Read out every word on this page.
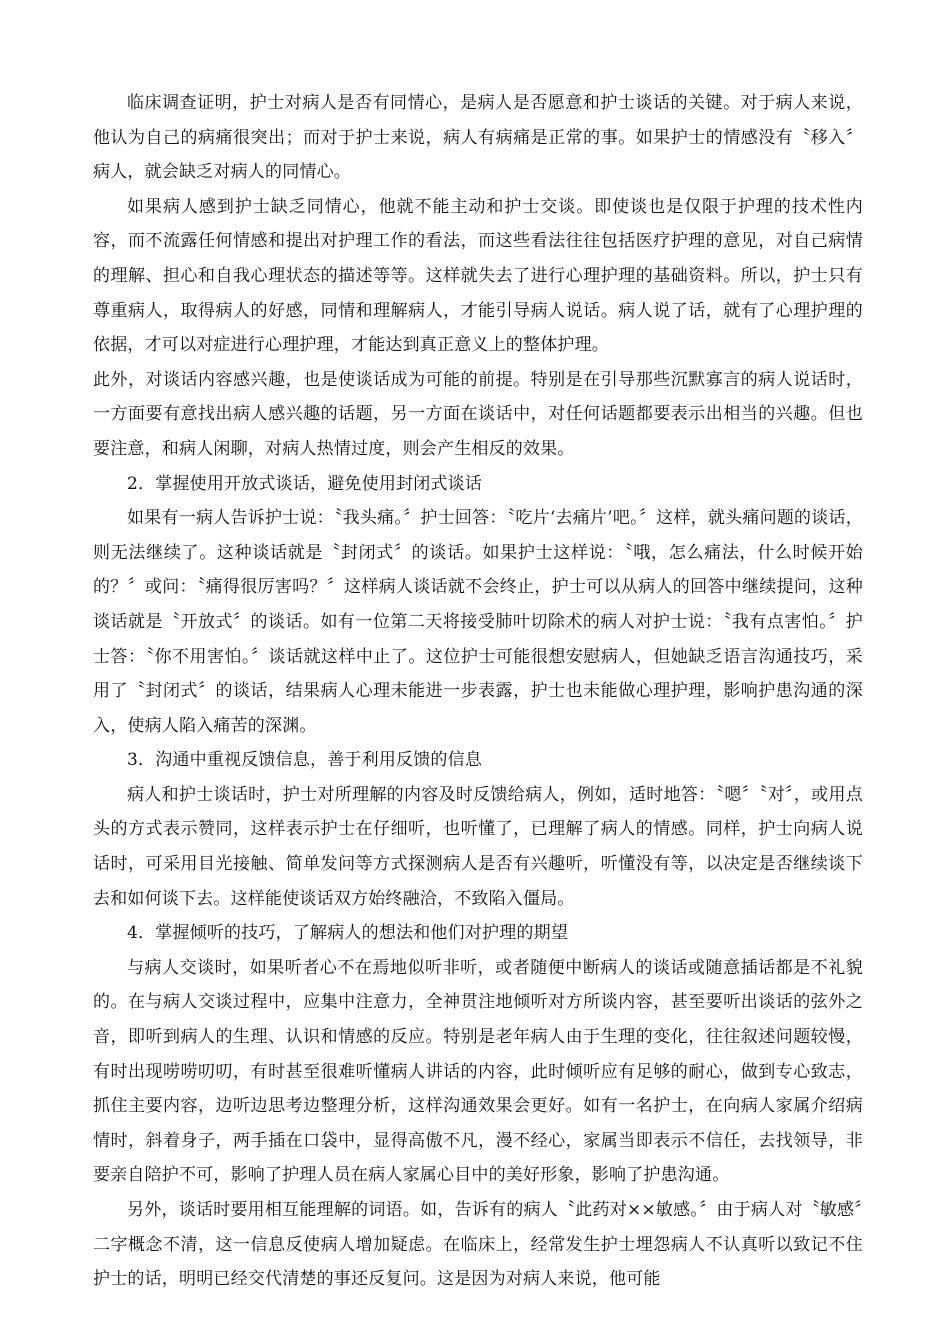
临床调查证明，护士对病人是否有同情心，是病人是否愿意和护士谈话的关键。对于病人来说，他认为自己的病痛很突出；而对于护士来说，病人有病痛是正常的事。如果护士的情感没有〝移入〞病人，就会缺乏对病人的同情心。

如果病人感到护士缺乏同情心，他就不能主动和护士交谈。即使谈也是仅限于护理的技术性内容，而不流露任何情感和提出对护理工作的看法，而这些看法往往包括医疗护理的意见，对自己病情的理解、担心和自我心理状态的描述等等。这样就失去了进行心理护理的基础资料。所以，护士只有尊重病人，取得病人的好感，同情和理解病人，才能引导病人说话。病人说了话，就有了心理护理的依据，才可以对症进行心理护理，才能达到真正意义上的整体护理。

此外，对谈话内容感兴趣，也是使谈话成为可能的前提。特别是在引导那些沉默寡言的病人说话时，一方面要有意找出病人感兴趣的话题，另一方面在谈话中，对任何话题都要表示出相当的兴趣。但也要注意，和病人闲聊，对病人热情过度，则会产生相反的效果。

2．掌握使用开放式谈话，避免使用封闭式谈话

如果有一病人告诉护士说：〝我头痛。〞护士回答：〝吃片‘去痛片’吧。〞这样，就头痛问题的谈话，则无法继续了。这种谈话就是〝封闭式〞的谈话。如果护士这样说：〝哦，怎么痛法，什么时候开始的？〞或问：〝痛得很厉害吗？〞这样病人谈话就不会终止，护士可以从病人的回答中继续提问，这种谈话就是〝开放式〞的谈话。如有一位第二天将接受肺叶切除术的病人对护士说：〝我有点害怕。〞护士答：〝你不用害怕。〞谈话就这样中止了。这位护士可能很想安慰病人，但她缺乏语言沟通技巧，采用了〝封闭式〞的谈话，结果病人心理未能进一步表露，护士也未能做心理护理，影响护患沟通的深入，使病人陷入痛苦的深渊。

3．沟通中重视反馈信息，善于利用反馈的信息

病人和护士谈话时，护士对所理解的内容及时反馈给病人，例如，适时地答：〝嗯〞〝对〞，或用点头的方式表示赞同，这样表示护士在仔细听，也听懂了，已理解了病人的情感。同样，护士向病人说话时，可采用目光接触、简单发问等方式探测病人是否有兴趣听，听懂没有等，以决定是否继续谈下去和如何谈下去。这样能使谈话双方始终融洽，不致陷入僵局。

4．掌握倾听的技巧，了解病人的想法和他们对护理的期望

与病人交谈时，如果听者心不在焉地似听非听，或者随便中断病人的谈话或随意插话都是不礼貌的。在与病人交谈过程中，应集中注意力，全神贯注地倾听对方所谈内容，甚至要听出谈话的弦外之音，即听到病人的生理、认识和情感的反应。特别是老年病人由于生理的变化，往往叙述问题较慢，有时出现唠唠叨叨，有时甚至很难听懂病人讲话的内容，此时倾听应有足够的耐心，做到专心致志，抓住主要内容，边听边思考边整理分析，这样沟通效果会更好。如有一名护士，在向病人家属介绍病情时，斜着身子，两手插在口袋中，显得高傲不凡，漫不经心，家属当即表示不信任，去找领导，非要亲自陪护不可，影响了护理人员在病人家属心目中的美好形象，影响了护患沟通。

另外，谈话时要用相互能理解的词语。如，告诉有的病人〝此药对××敏感。〞由于病人对〝敏感〞二字概念不清，这一信息反使病人增加疑虑。在临床上，经常发生护士埋怨病人不认真听以致记不住护士的话，明明已经交代清楚的事还反复问。这是因为对病人来说，他可能
